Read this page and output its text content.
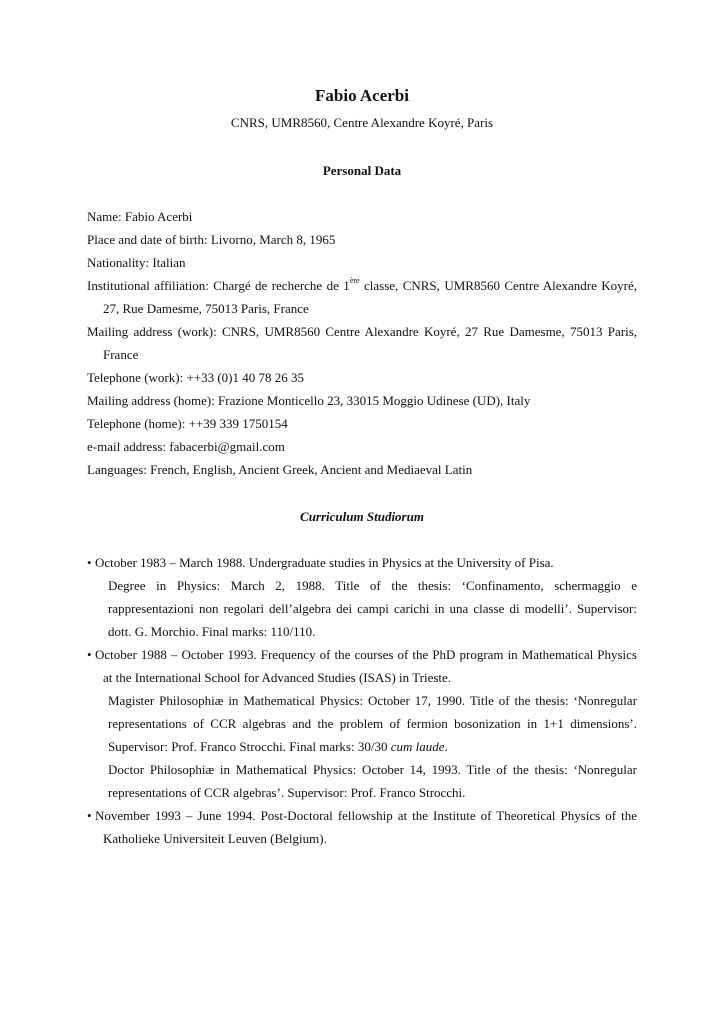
Fabio Acerbi
CNRS, UMR8560, Centre Alexandre Koyré, Paris
Personal Data

Name: Fabio Acerbi

Place and date of birth: Livorno, March 8, 1965

Nationality: Italian

Institutional affiliation: Chargé de recherche de 1ère classe, CNRS, UMR8560 Centre Alexandre Koyré, 27, Rue Damesme, 75013 Paris, France

Mailing address (work): CNRS, UMR8560 Centre Alexandre Koyré, 27 Rue Damesme, 75013 Paris, France

Telephone (work): ++33 (0)1 40 78 26 35

Mailing address (home): Frazione Monticello 23, 33015 Moggio Udinese (UD), Italy

Telephone (home): ++39 339 1750154

e-mail address: fabacerbi@gmail.com

Languages: French, English, Ancient Greek, Ancient and Mediaeval Latin

Curriculum Studiorum
• October 1983 – March 1988. Undergraduate studies in Physics at the University of Pisa.
Degree in Physics: March 2, 1988. Title of the thesis: ‘Confinamento, schermaggio e rappresentazioni non regolari dell’algebra dei campi carichi in una classe di modelli’. Supervisor: dott. G. Morchio. Final marks: 110/110.
• October 1988 – October 1993. Frequency of the courses of the PhD program in Mathematical Physics at the International School for Advanced Studies (ISAS) in Trieste.
Magister Philosophiæ in Mathematical Physics: October 17, 1990. Title of the thesis: ‘Nonregular representations of CCR algebras and the problem of fermion bosonization in 1+1 dimensions’. Supervisor: Prof. Franco Strocchi. Final marks: 30/30 cum laude.
Doctor Philosophiæ in Mathematical Physics: October 14, 1993. Title of the thesis: ‘Nonregular representations of CCR algebras’. Supervisor: Prof. Franco Strocchi.
• November 1993 – June 1994. Post-Doctoral fellowship at the Institute of Theoretical Physics of the Katholieke Universiteit Leuven (Belgium).
